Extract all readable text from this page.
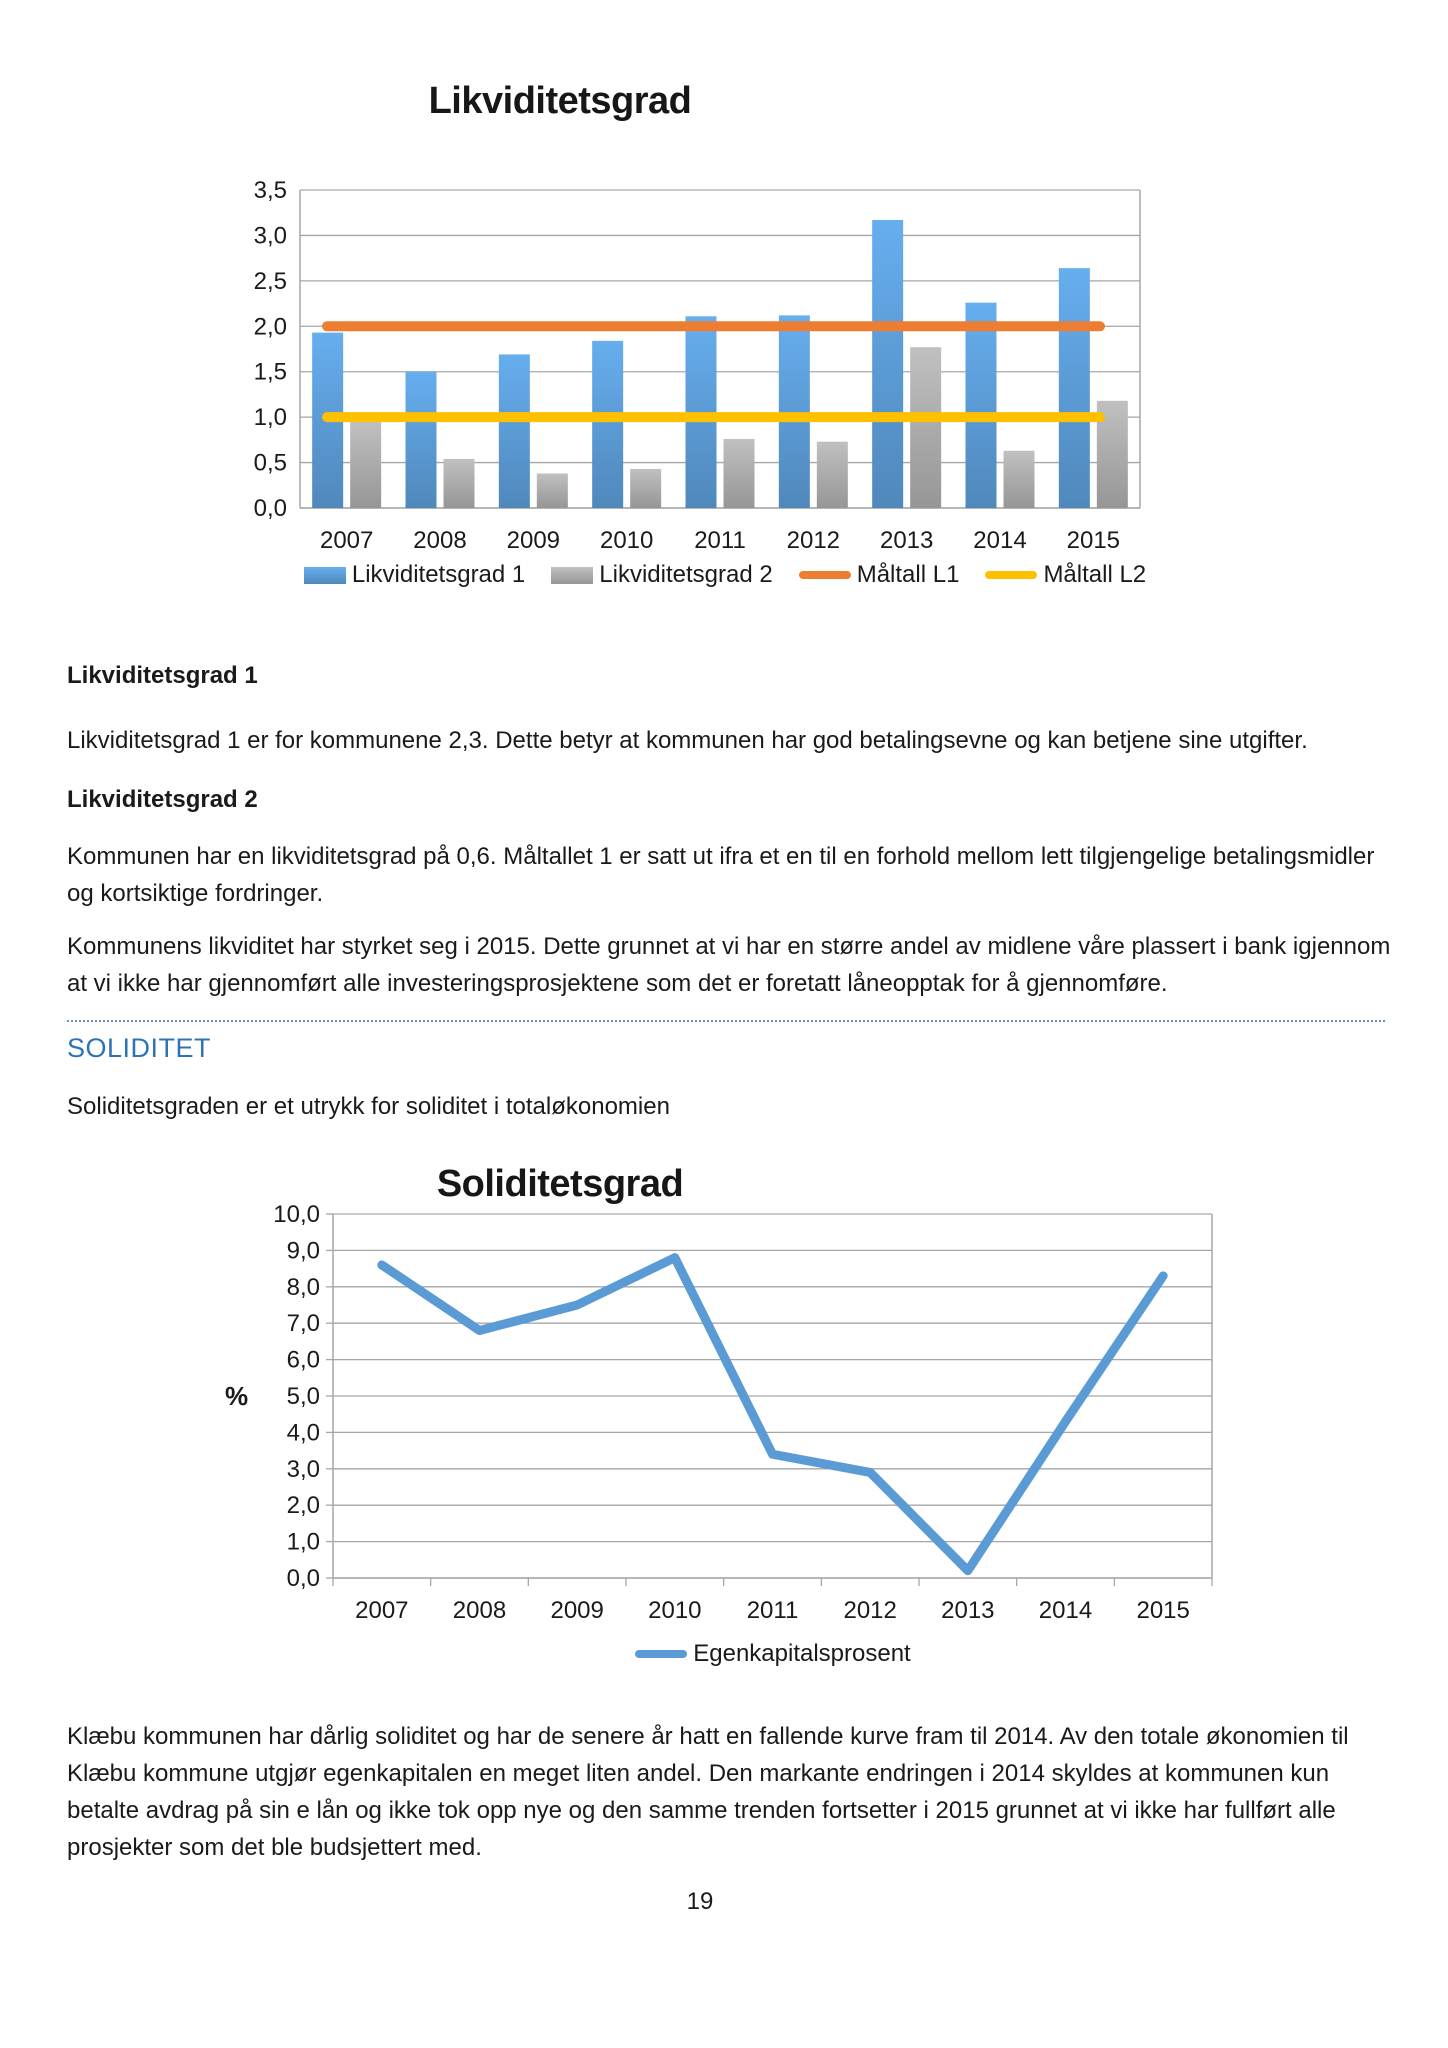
Likviditetsgrad
0,0
0,5
1,0
1,5
2,0
2,5
3,0
3,5
2007 2008 2009 2010 2011 2012 2013 2014 2015
Likviditetsgrad 1	Likviditetsgrad 2	Måltall L1	Måltall L2
Likviditetsgrad 1
Likviditetsgrad 1 er for kommunene 2,3. Dette betyr at kommunen har god betalingsevne og kan betjene sine utgifter.
Likviditetsgrad 2
Kommunen har en likviditetsgrad på 0,6. Måltallet 1 er satt ut ifra et en til en forhold mellom lett tilgjengelige betalingsmidler og kortsiktige fordringer.
Kommunens likviditet har styrket seg i 2015. Dette grunnet at vi har en større andel av midlene våre plassert i bank igjennom at vi ikke har gjennomført alle investeringsprosjektene som det er foretatt låneopptak for å gjennomføre.
SOLIDITET
Soliditetsgraden er et utrykk for soliditet i totaløkonomien
Soliditetsgrad
0,0
1,0
2,0
3,0
4,0
5,0
6,0
7,0
8,0
9,0
10,0
2007 2008 2009 2010 2011 2012 2013 2014 2015
%
Egenkapitalsprosent
Klæbu kommunen har dårlig soliditet og har de senere år hatt en fallende kurve fram til 2014. Av den totale økonomien til Klæbu kommune utgjør egenkapitalen en meget liten andel. Den markante endringen i 2014 skyldes at kommunen kun betalte avdrag på sin e lån og ikke tok opp nye og den samme trenden fortsetter i 2015 grunnet at vi ikke har fullført alle prosjekter som det ble budsjettert med.
19
